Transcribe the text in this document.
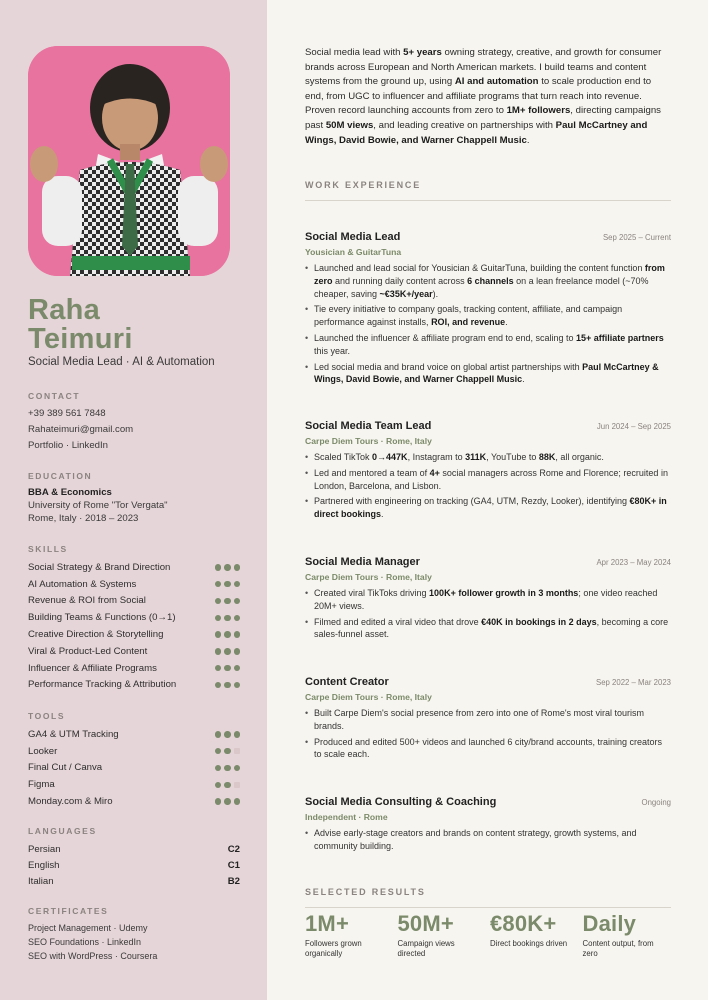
Raha
Teimuri
Social Media Lead · AI & Automation
CONTACT
+39 389 561 7848
Rahateimuri@gmail.com
Portfolio · LinkedIn
EDUCATION
BBA & Economics
University of Rome "Tor Vergata"
Rome, Italy · 2018 – 2023
SKILLS
Social Strategy & Brand Direction
AI Automation & Systems
Revenue & ROI from Social
Building Teams & Functions (0→1)
Creative Direction & Storytelling
Viral & Product-Led Content
Influencer & Affiliate Programs
Performance Tracking & Attribution
TOOLS
GA4 & UTM Tracking
Looker
Final Cut / Canva
Figma
Monday.com & Miro
LANGUAGES
Persian	C2
English	C1
Italian	B2
CERTIFICATES
Project Management · Udemy
SEO Foundations · LinkedIn
SEO with WordPress · Coursera

Social media lead with 5+ years owning strategy, creative, and growth for consumer brands across European and North American markets. I build teams and content systems from the ground up, using AI and automation to scale production end to end, from UGC to influencer and affiliate programs that turn reach into revenue. Proven record launching accounts from zero to 1M+ followers, directing campaigns past 50M views, and leading creative on partnerships with Paul McCartney and Wings, David Bowie, and Warner Chappell Music.

WORK EXPERIENCE
Social Media Lead	Sep 2025 – Current
Yousician & GuitarTuna
• Launched and lead social for Yousician & GuitarTuna, building the content function from zero and running daily content across 6 channels on a lean freelance model (~70% cheaper, saving ~€35K+/year).
• Tie every initiative to company goals, tracking content, affiliate, and campaign performance against installs, ROI, and revenue.
• Launched the influencer & affiliate program end to end, scaling to 15+ affiliate partners this year.
• Led social media and brand voice on global artist partnerships with Paul McCartney & Wings, David Bowie, and Warner Chappell Music.
Social Media Team Lead	Jun 2024 – Sep 2025
Carpe Diem Tours · Rome, Italy
• Scaled TikTok 0→447K, Instagram to 311K, YouTube to 88K, all organic.
• Led and mentored a team of 4+ social managers across Rome and Florence; recruited in London, Barcelona, and Lisbon.
• Partnered with engineering on tracking (GA4, UTM, Rezdy, Looker), identifying €80K+ in direct bookings.
Social Media Manager	Apr 2023 – May 2024
Carpe Diem Tours · Rome, Italy
• Created viral TikToks driving 100K+ follower growth in 3 months; one video reached 20M+ views.
• Filmed and edited a viral video that drove €40K in bookings in 2 days, becoming a core sales-funnel asset.
Content Creator	Sep 2022 – Mar 2023
Carpe Diem Tours · Rome, Italy
• Built Carpe Diem's social presence from zero into one of Rome's most viral tourism brands.
• Produced and edited 500+ videos and launched 6 city/brand accounts, training creators to scale each.
Social Media Consulting & Coaching	Ongoing
Independent · Rome
• Advise early-stage creators and brands on content strategy, growth systems, and community building.
SELECTED RESULTS
1M+
Followers grown organically
50M+
Campaign views directed
€80K+
Direct bookings driven
Daily
Content output, from zero
